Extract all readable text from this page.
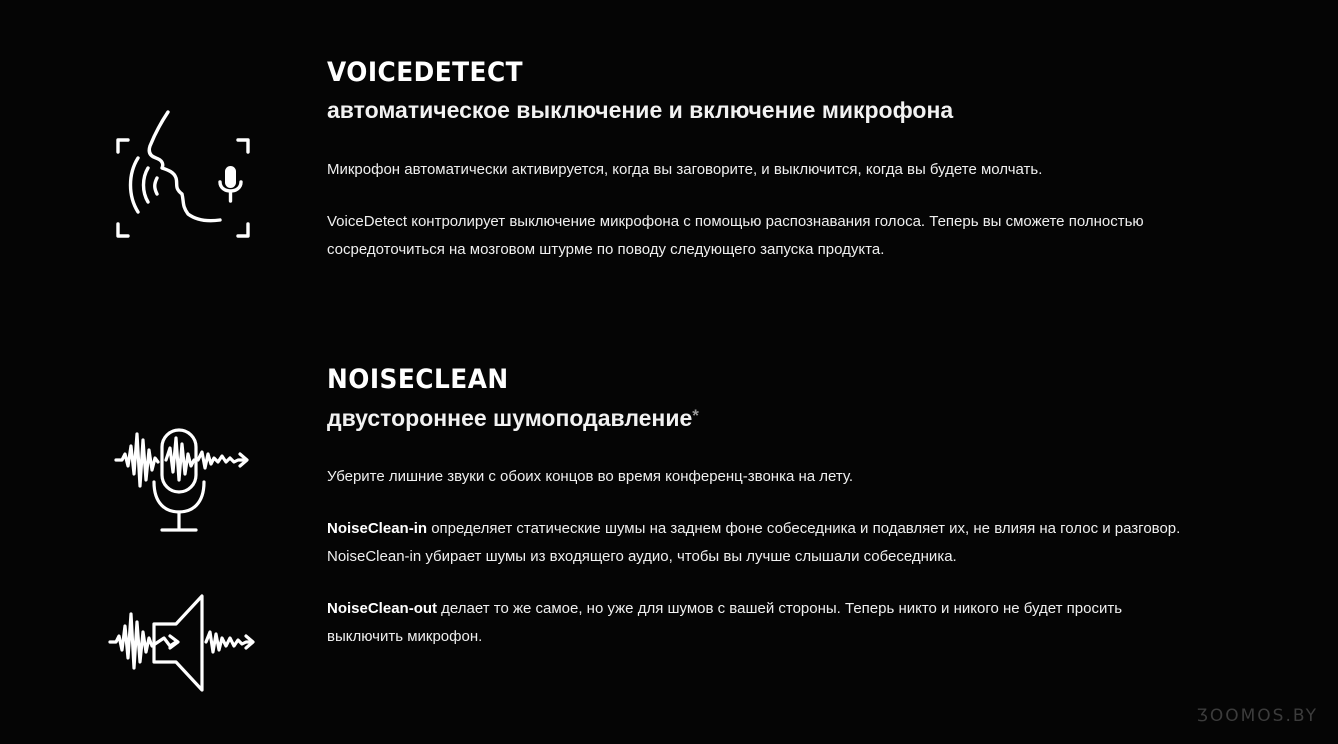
VOICEDETECT
автоматическое выключение и включение микрофона

Микрофон автоматически активируется, когда вы заговорите, и выключится, когда вы будете молчать.

VoiceDetect контролирует выключение микрофона с помощью распознавания голоса. Теперь вы сможете полностью сосредоточиться на мозговом штурме по поводу следующего запуска продукта.

NOISECLEAN
двустороннее шумоподавление*

Уберите лишние звуки с обоих концов во время конференц-звонка на лету.

NoiseClean-in определяет статические шумы на заднем фоне собеседника и подавляет их, не влияя на голос и разговор. NoiseClean-in убирает шумы из входящего аудио, чтобы вы лучше слышали собеседника.

NoiseClean-out делает то же самое, но уже для шумов с вашей стороны. Теперь никто и никого не будет просить выключить микрофон.

ƷOOMOS.BY
